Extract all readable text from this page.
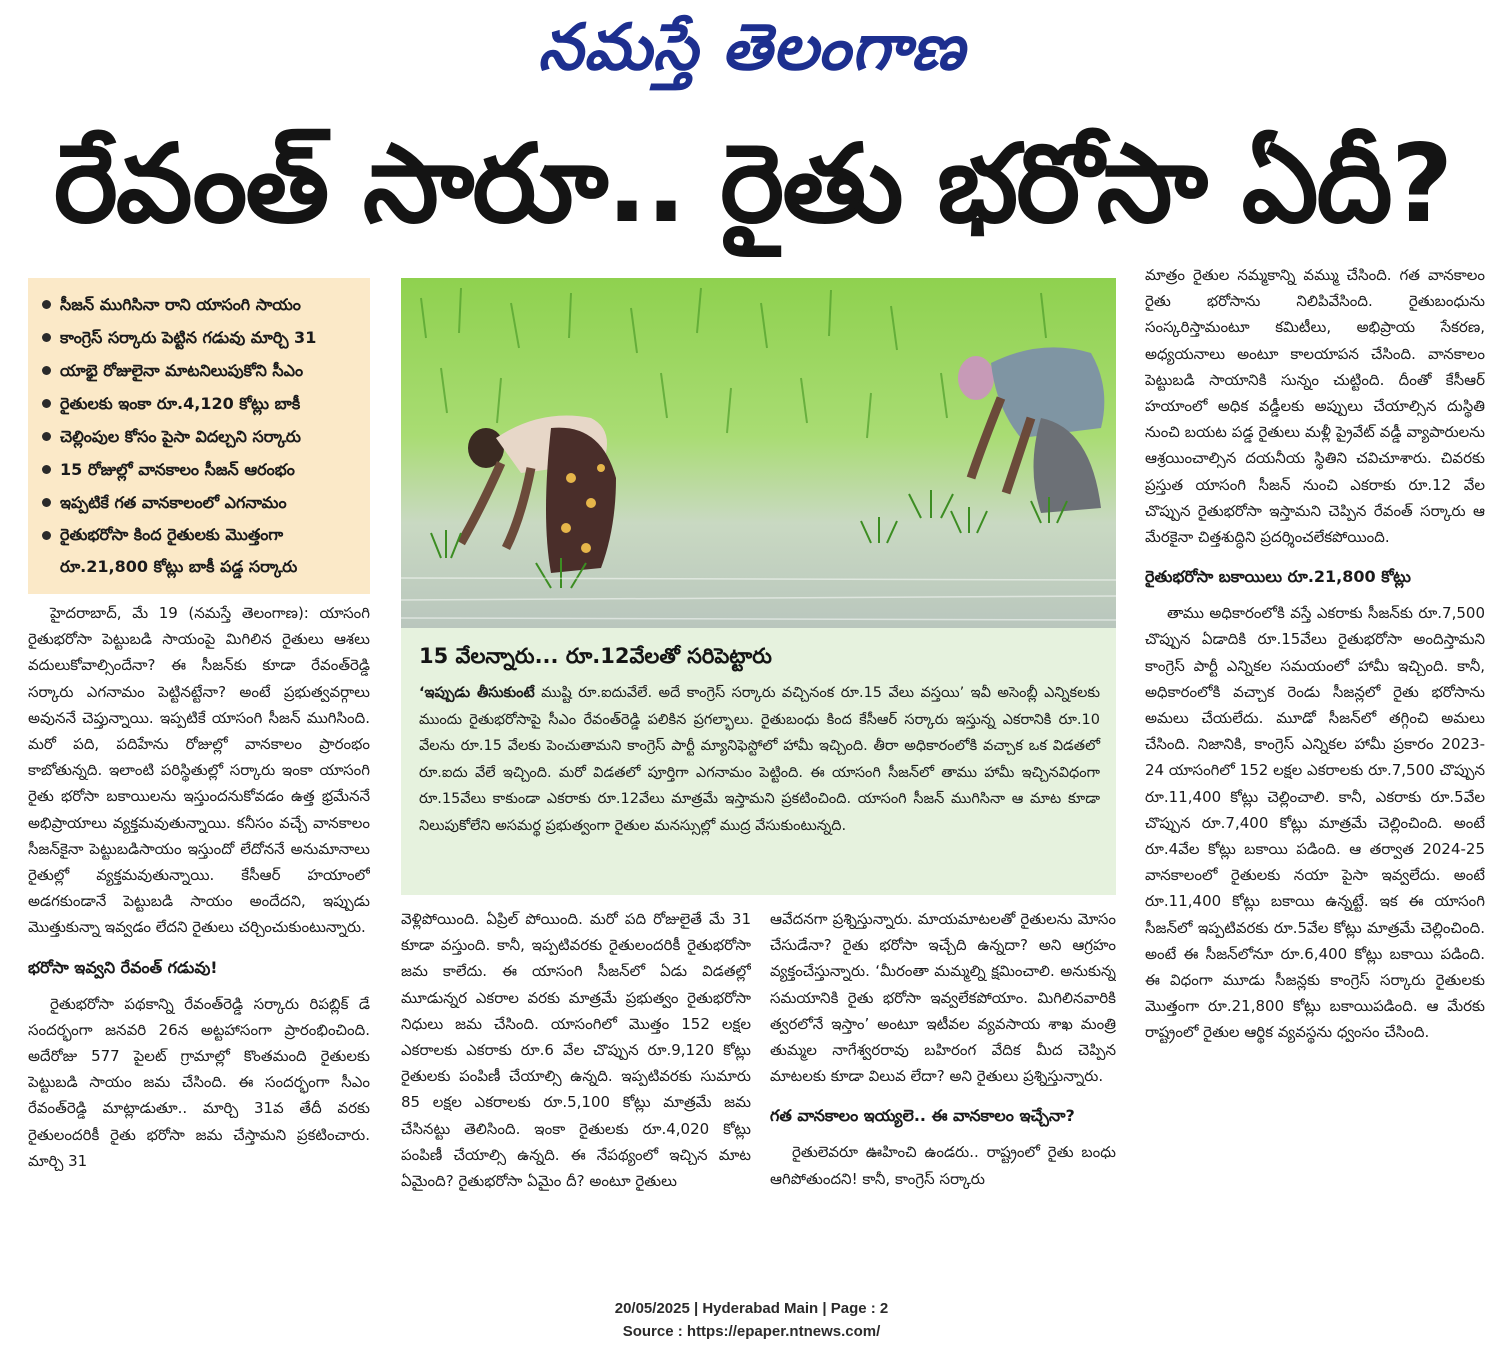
నమస్తే తెలంగాణ
రేవంత్ సారూ.. రైతు భరోసా ఏదీ?
సీజన్ ముగిసినా రాని యాసంగి సాయం
కాంగ్రెస్ సర్కారు పెట్టిన గడువు మార్చి 31
యాభై రోజులైనా మాటనిలుపుకోని సీఎం
రైతులకు ఇంకా రూ.4,120 కోట్లు బాకీ
చెల్లింపుల కోసం పైసా విదల్చని సర్కారు
15 రోజుల్లో వానకాలం సీజన్ ఆరంభం
ఇప్పటికే గత వానకాలంలో ఎగనామం
రైతుభరోసా కింద రైతులకు మొత్తంగా రూ.21,800 కోట్లు బాకీ పడ్డ సర్కారు

హైదరాబాద్, మే 19 (నమస్తే తెలంగాణ): యాసంగి రైతుభరోసా పెట్టుబడి సాయంపై మిగిలిన రైతులు ఆశలు వదులుకోవాల్సిందేనా? ఈ సీజన్‌కు కూడా రేవంత్‌రెడ్డి సర్కారు ఎగనామం పెట్టినట్టేనా? అంటే ప్రభుత్వవర్గాలు అవుననే చెప్తున్నాయి. ఇప్పటికే యాసంగి సీజన్ ముగిసింది. మరో పది, పదిహేను రోజుల్లో వానకాలం ప్రారంభం కాబోతున్నది. ఇలాంటి పరిస్థితుల్లో సర్కారు ఇంకా యాసంగి రైతు భరోసా బకాయిలను ఇస్తుందనుకోవడం ఉత్త భ్రమేననే అభిప్రాయాలు వ్యక్తమవుతున్నాయి. కనీసం వచ్చే వానకాలం సీజన్‌కైనా పెట్టుబడిసాయం ఇస్తుందో లేదోననే అనుమానాలు రైతుల్లో వ్యక్తమవుతున్నాయి. కేసీఆర్ హయాంలో అడగకుండానే పెట్టుబడి సాయం అందేదని, ఇప్పుడు మొత్తుకున్నా ఇవ్వడం లేదని రైతులు చర్చించుకుంటున్నారు.

భరోసా ఇవ్వని రేవంత్ గడువు!

రైతుభరోసా పథకాన్ని రేవంత్‌రెడ్డి సర్కారు రిపబ్లిక్ డే సందర్భంగా జనవరి 26న అట్టహాసంగా ప్రారంభించింది. అదేరోజు 577 పైలట్ గ్రామాల్లో కొంతమంది రైతులకు పెట్టుబడి సాయం జమ చేసింది. ఈ సందర్భంగా సీఎం రేవంత్‌రెడ్డి మాట్లాడుతూ.. మార్చి 31వ తేదీ వరకు రైతులందరికీ రైతు భరోసా జమ చేస్తామని ప్రకటించారు. మార్చి 31

15 వేలన్నారు... రూ.12వేలతో సరిపెట్టారు
‘ఇప్పుడు తీసుకుంటే ముష్టి రూ.ఐదువేలే. అదే కాంగ్రెస్ సర్కారు వచ్చినంక రూ.15 వేలు వస్తయి’ ఇవీ అసెంబ్లీ ఎన్నికలకు ముందు రైతుభరోసాపై సీఎం రేవంత్‌రెడ్డి పలికిన ప్రగల్భాలు. రైతుబంధు కింద కేసీఆర్ సర్కారు ఇస్తున్న ఎకరానికి రూ.10 వేలను రూ.15 వేలకు పెంచుతామని కాంగ్రెస్ పార్టీ మ్యానిఫెస్టోలో హామీ ఇచ్చింది. తీరా అధికారంలోకి వచ్చాక ఒక విడతలో రూ.ఐదు వేలే ఇచ్చింది. మరో విడతలో పూర్తిగా ఎగనామం పెట్టింది. ఈ యాసంగి సీజన్‌లో తాము హామీ ఇచ్చినవిధంగా రూ.15వేలు కాకుండా ఎకరాకు రూ.12వేలు మాత్రమే ఇస్తామని ప్రకటించింది. యాసంగి సీజన్ ముగిసినా ఆ మాట కూడా నిలుపుకోలేని అసమర్థ ప్రభుత్వంగా రైతుల మనస్సుల్లో ముద్ర వేసుకుంటున్నది.

వెళ్లిపోయింది. ఏప్రిల్ పోయింది. మరో పది రోజులైతే మే 31 కూడా వస్తుంది. కానీ, ఇప్పటివరకు రైతులందరికీ రైతుభరోసా జమ కాలేదు. ఈ యాసంగి సీజన్‌లో ఏడు విడతల్లో మూడున్నర ఎకరాల వరకు మాత్రమే ప్రభుత్వం రైతుభరోసా నిధులు జమ చేసింది. యాసంగిలో మొత్తం 152 లక్షల ఎకరాలకు ఎకరాకు రూ.6 వేల చొప్పున రూ.9,120 కోట్లు రైతులకు పంపిణీ చేయాల్సి ఉన్నది. ఇప్పటివరకు సుమారు 85 లక్షల ఎకరాలకు రూ.5,100 కోట్లు మాత్రమే జమ చేసినట్టు తెలిసింది. ఇంకా రైతులకు రూ.4,020 కోట్లు పంపిణీ చేయాల్సి ఉన్నది. ఈ నేపథ్యంలో ఇచ్చిన మాట ఏమైంది? రైతుభరోసా ఏమైం దీ? అంటూ రైతులు

ఆవేదనగా ప్రశ్నిస్తున్నారు. మాయమాటలతో రైతులను మోసం చేసుడేనా? రైతు భరోసా ఇచ్చేది ఉన్నదా? అని ఆగ్రహం వ్యక్తంచేస్తున్నారు. ‘మీరంతా మమ్మల్ని క్షమించాలి. అనుకున్న సమయానికి రైతు భరోసా ఇవ్వలేకపోయాం. మిగిలినవారికి త్వరలోనే ఇస్తాం’ అంటూ ఇటీవల వ్యవసాయ శాఖ మంత్రి తుమ్మల నాగేశ్వరరావు బహిరంగ వేదిక మీద చెప్పిన మాటలకు కూడా విలువ లేదా? అని రైతులు ప్రశ్నిస్తున్నారు.

గత వానకాలం ఇయ్యలె.. ఈ వానకాలం ఇచ్చేనా?

రైతులెవరూ ఊహించి ఉండరు.. రాష్ట్రంలో రైతు బంధు ఆగిపోతుందని! కానీ, కాంగ్రెస్ సర్కారు

మాత్రం రైతుల నమ్మకాన్ని వమ్ము చేసింది. గత వానకాలం రైతు భరోసాను నిలిపివేసింది. రైతుబంధును సంస్కరిస్తామంటూ కమిటీలు, అభిప్రాయ సేకరణ, అధ్యయనాలు అంటూ కాలయాపన చేసింది. వానకాలం పెట్టుబడి సాయానికి సున్నం చుట్టింది. దీంతో కేసీఆర్ హయాంలో అధిక వడ్డీలకు అప్పులు చేయాల్సిన దుస్థితి నుంచి బయట పడ్డ రైతులు మళ్లీ ప్రైవేట్ వడ్డీ వ్యాపారులను ఆశ్రయించాల్సిన దయనీయ స్థితిని చవిచూశారు. చివరకు ప్రస్తుత యాసంగి సీజన్ నుంచి ఎకరాకు రూ.12 వేల చొప్పున రైతుభరోసా ఇస్తామని చెప్పిన రేవంత్ సర్కారు ఆ మేరకైనా చిత్తశుద్ధిని ప్రదర్శించలేకపోయింది.

రైతుభరోసా బకాయిలు రూ.21,800 కోట్లు

తాము అధికారంలోకి వస్తే ఎకరాకు సీజన్‌కు రూ.7,500 చొప్పున ఏడాదికి రూ.15వేలు రైతుభరోసా అందిస్తామని కాంగ్రెస్ పార్టీ ఎన్నికల సమయంలో హామీ ఇచ్చింది. కానీ, అధికారంలోకి వచ్చాక రెండు సీజన్లలో రైతు భరోసాను అమలు చేయలేదు. మూడో సీజన్‌లో తగ్గించి అమలు చేసింది. నిజానికి, కాంగ్రెస్ ఎన్నికల హామీ ప్రకారం 2023-24 యాసంగిలో 152 లక్షల ఎకరాలకు రూ.7,500 చొప్పున రూ.11,400 కోట్లు చెల్లించాలి. కానీ, ఎకరాకు రూ.5వేల చొప్పున రూ.7,400 కోట్లు మాత్రమే చెల్లించింది. అంటే రూ.4వేల కోట్లు బకాయి పడింది. ఆ తర్వాత 2024-25 వానకాలంలో రైతులకు నయా పైసా ఇవ్వలేదు. అంటే రూ.11,400 కోట్లు బకాయి ఉన్నట్టే. ఇక ఈ యాసంగి సీజన్‌లో ఇప్పటివరకు రూ.5వేల కోట్లు మాత్రమే చెల్లించింది. అంటే ఈ సీజన్‌లోనూ రూ.6,400 కోట్లు బకాయి పడింది. ఈ విధంగా మూడు సీజన్లకు కాంగ్రెస్ సర్కారు రైతులకు మొత్తంగా రూ.21,800 కోట్లు బకాయిపడింది. ఆ మేరకు రాష్ట్రంలో రైతుల ఆర్థిక వ్యవస్థను ధ్వంసం చేసింది.

20/05/2025 | Hyderabad Main | Page : 2
Source : https://epaper.ntnews.com/
